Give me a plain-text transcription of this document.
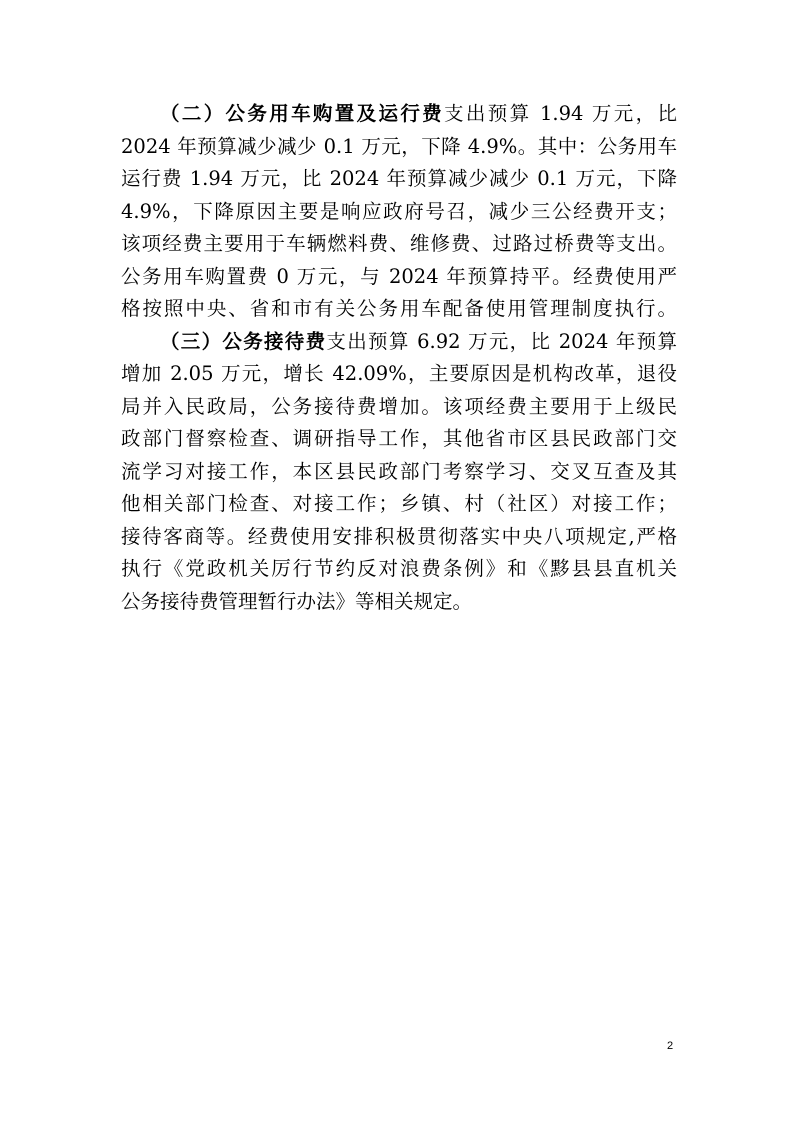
（二）公务用车购置及运行费支出预算 1.94 万元，比
2024 年预算减少减少 0.1 万元，下降 4.9%。其中：公务用车
运行费 1.94 万元，比 2024 年预算减少减少 0.1 万元，下降
4.9%，下降原因主要是响应政府号召，减少三公经费开支；
该项经费主要用于车辆燃料费、维修费、过路过桥费等支出。
公务用车购置费 0 万元，与 2024 年预算持平。经费使用严
格按照中央、省和市有关公务用车配备使用管理制度执行。
（三）公务接待费支出预算 6.92 万元，比 2024 年预算
增加 2.05 万元，增长 42.09%，主要原因是机构改革，退役
局并入民政局，公务接待费增加。该项经费主要用于上级民
政部门督察检查、调研指导工作，其他省市区县民政部门交
流学习对接工作，本区县民政部门考察学习、交叉互查及其
他相关部门检查、对接工作；乡镇、村（社区）对接工作；
接待客商等。经费使用安排积极贯彻落实中央八项规定,严格
执行《党政机关厉行节约反对浪费条例》和《黟县县直机关
公务接待费管理暂行办法》等相关规定。
2
